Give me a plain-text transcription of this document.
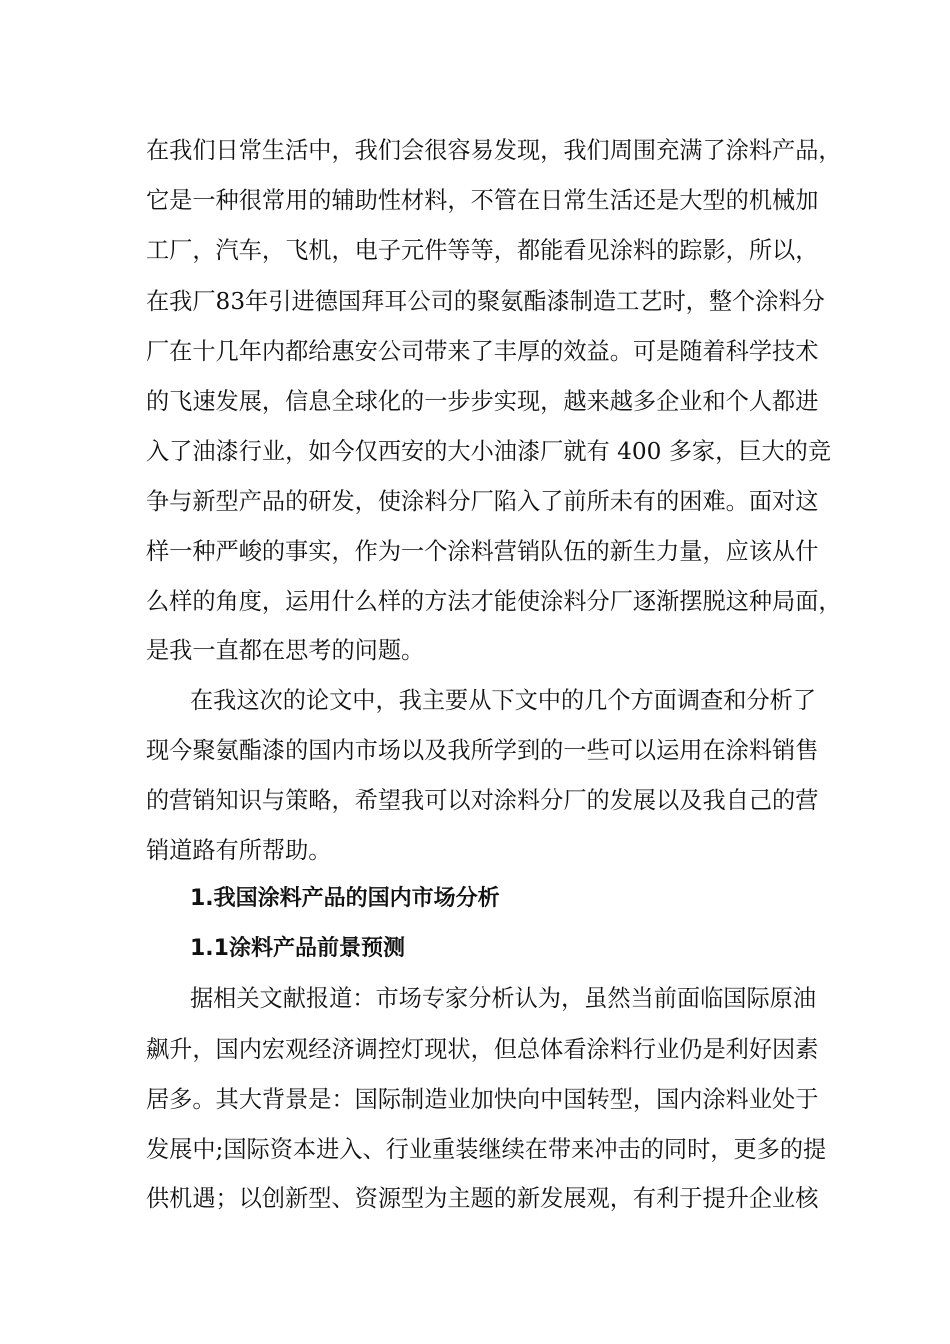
在我们日常生活中，我们会很容易发现，我们周围充满了涂料产品，
它是一种很常用的辅助性材料，不管在日常生活还是大型的机械加
工厂，汽车，飞机，电子元件等等，都能看见涂料的踪影，所以，
在我厂83年引进德国拜耳公司的聚氨酯漆制造工艺时，整个涂料分
厂在十几年内都给惠安公司带来了丰厚的效益。可是随着科学技术
的飞速发展，信息全球化的一步步实现，越来越多企业和个人都进
入了油漆行业，如今仅西安的大小油漆厂就有 400 多家，巨大的竞
争与新型产品的研发，使涂料分厂陷入了前所未有的困难。面对这
样一种严峻的事实，作为一个涂料营销队伍的新生力量，应该从什
么样的角度，运用什么样的方法才能使涂料分厂逐渐摆脱这种局面，
是我一直都在思考的问题。
在我这次的论文中，我主要从下文中的几个方面调查和分析了
现今聚氨酯漆的国内市场以及我所学到的一些可以运用在涂料销售
的营销知识与策略，希望我可以对涂料分厂的发展以及我自己的营
销道路有所帮助。
1.我国涂料产品的国内市场分析
1.1涂料产品前景预测
据相关文献报道：市场专家分析认为，虽然当前面临国际原油
飙升，国内宏观经济调控灯现状，但总体看涂料行业仍是利好因素
居多。其大背景是：国际制造业加快向中国转型，国内涂料业处于
发展中;国际资本进入、行业重装继续在带来冲击的同时，更多的提
供机遇；以创新型、资源型为主题的新发展观，有利于提升企业核
